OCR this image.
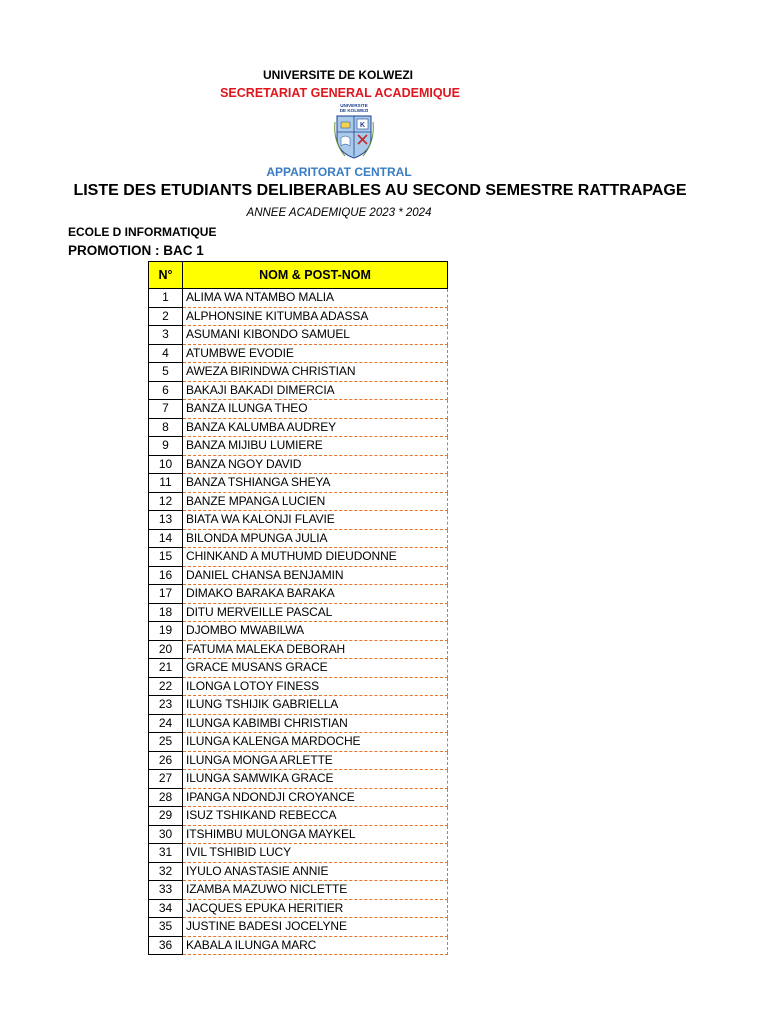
UNIVERSITE DE KOLWEZI
SECRETARIAT GENERAL ACADEMIQUE
UNIVERSITE
DE KOLWEZI
K
APPARITORAT CENTRAL
LISTE DES ETUDIANTS DELIBERABLES AU SECOND SEMESTRE RATTRAPAGE
ANNEE ACADEMIQUE 2023 * 2024
ECOLE D INFORMATIQUE
PROMOTION : BAC 1
N°	NOM & POST-NOM
1	ALIMA WA NTAMBO MALIA
2	ALPHONSINE KITUMBA ADASSA
3	ASUMANI KIBONDO SAMUEL
4	ATUMBWE EVODIE
5	AWEZA BIRINDWA CHRISTIAN
6	BAKAJI BAKADI DIMERCIA
7	BANZA ILUNGA THEO
8	BANZA KALUMBA AUDREY
9	BANZA MIJIBU LUMIERE
10	BANZA NGOY DAVID
11	BANZA TSHIANGA SHEYA
12	BANZE MPANGA LUCIEN
13	BIATA WA KALONJI FLAVIE
14	BILONDA MPUNGA JULIA
15	CHINKAND A MUTHUMD DIEUDONNE
16	DANIEL CHANSA BENJAMIN
17	DIMAKO BARAKA BARAKA
18	DITU MERVEILLE PASCAL
19	DJOMBO MWABILWA
20	FATUMA MALEKA DEBORAH
21	GRACE MUSANS GRACE
22	ILONGA LOTOY FINESS
23	ILUNG TSHIJIK GABRIELLA
24	ILUNGA KABIMBI CHRISTIAN
25	ILUNGA KALENGA MARDOCHE
26	ILUNGA MONGA ARLETTE
27	ILUNGA SAMWIKA GRACE
28	IPANGA NDONDJI CROYANCE
29	ISUZ TSHIKAND REBECCA
30	ITSHIMBU MULONGA MAYKEL
31	IVIL TSHIBID LUCY
32	IYULO ANASTASIE ANNIE
33	IZAMBA MAZUWO NICLETTE
34	JACQUES EPUKA HERITIER
35	JUSTINE BADESI JOCELYNE
36	KABALA ILUNGA MARC
